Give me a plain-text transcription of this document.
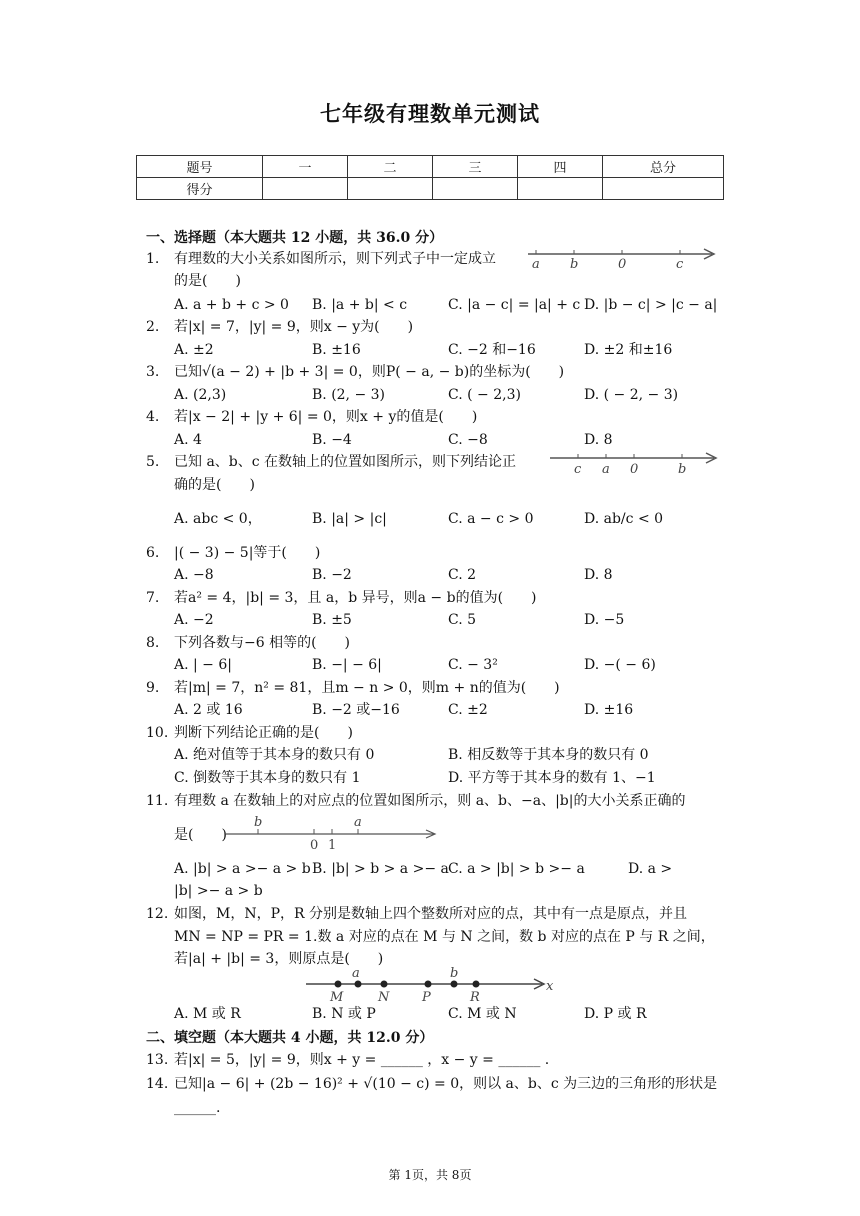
七年级有理数单元测试
题号	一	二	三	四	总分
得分					
一、选择题（本大题共 12 小题，共 36.0 分）
1. 有理数的大小关系如图所示，则下列式子中一定成立
的是(　　)
a b	0	c
A. a + b + c > 0 B. |a + b| < c	C. |a − c| = |a| + c D. |b − c| > |c − a|
2. 若|x| = 7，|y| = 9，则x − y为(　　)
A. ±2	B. ±16	C. −2 和−16	D. ±2 和±16
3. 已知√(a − 2) + |b + 3| = 0，则P( − a, − b)的坐标为(　　)
A. (2,3)	B. (2, − 3)	C. ( − 2,3)	D. ( − 2, − 3)
4. 若|x − 2| + |y + 6| = 0，则x + y的值是(　　)
A. 4	B. −4	C. −8	D. 8
5. 已知 a、b、c 在数轴上的位置如图所示，则下列结论正
确的是(　　)
c a 0	b
A. abc < 0，	B. |a| > |c|	C. a − c > 0	D. ab/c < 0
6. |( − 3) − 5|等于(　　)
A. −8	B. −2	C. 2	D. 8
7. 若a² = 4，|b| = 3，且 a，b 异号，则a − b的值为(　　)
A. −2	B. ±5	C. 5	D. −5
8. 下列各数与−6 相等的(　　)
A. | − 6|	B. −| − 6|	C. − 3²	D. −( − 6)
9. 若|m| = 7，n² = 81，且m − n > 0，则m + n的值为(　　)
A. 2 或 16	B. −2 或−16	C. ±2	D. ±16
10. 判断下列结论正确的是(　　)
A. 绝对值等于其本身的数只有 0	B. 相反数等于其本身的数只有 0
C. 倒数等于其本身的数只有 1	D. 平方等于其本身的数有 1、−1
11. 有理数 a 在数轴上的对应点的位置如图所示，则 a、b、−a、|b|的大小关系正确的
是(　　)
b
0 1
a
A. |b| > a >− a > b B. |b| > b > a >− a C. a > |b| > b >− a	D. a >
|b| >− a > b
12. 如图，M，N，P，R 分别是数轴上四个整数所对应的点，其中有一点是原点，并且
MN = NP = PR = 1.数 a 对应的点在 M 与 N 之间，数 b 对应的点在 P 与 R 之间，
若|a| + |b| = 3，则原点是(　　)
M
a
N	P
b
R
x
A. M 或 R	B. N 或 P	C. M 或 N	D. P 或 R
二、填空题（本大题共 4 小题，共 12.0 分）
13. 若|x| = 5，|y| = 9，则x + y = ______ ，x − y = ______ .
14. 已知|a − 6| + (2b − 16)² + √(10 − c) = 0，则以 a、b、c 为三边的三角形的形状是
______.
第 1页，共 8页
